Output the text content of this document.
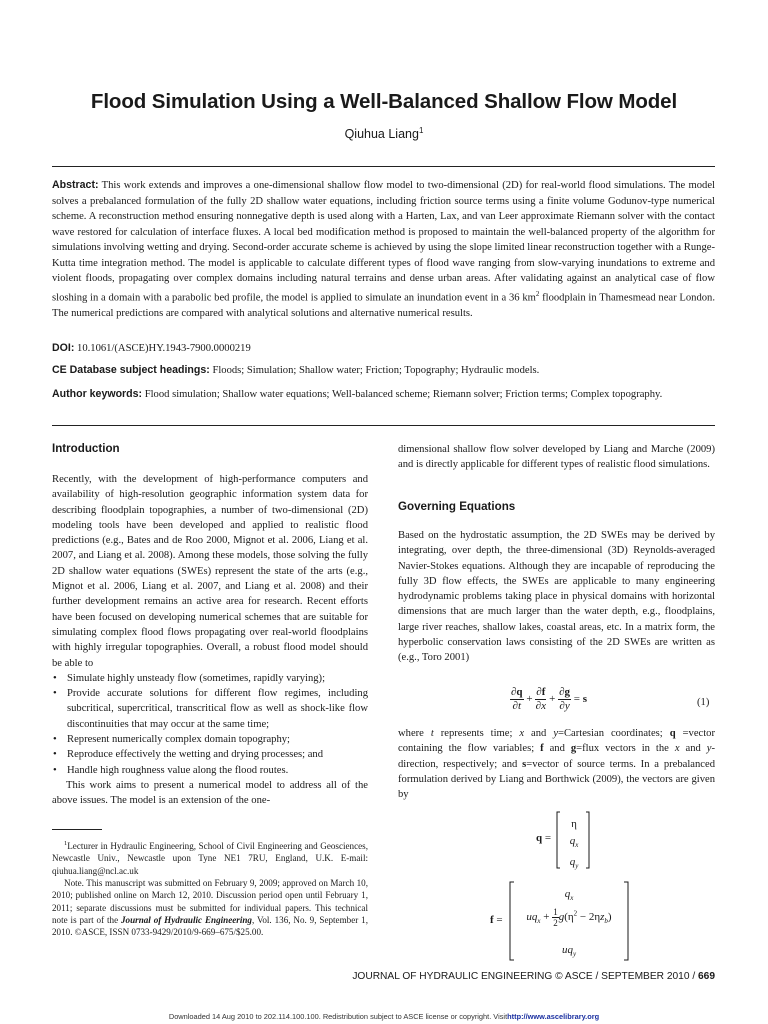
Flood Simulation Using a Well-Balanced Shallow Flow Model
Qiuhua Liang$^1$
Abstract: This work extends and improves a one-dimensional shallow flow model to two-dimensional (2D) for real-world flood simulations. The model solves a prebalanced formulation of the fully 2D shallow water equations, including friction source terms using a finite volume Godunov-type numerical scheme. A reconstruction method ensuring nonnegative depth is used along with a Harten, Lax, and van Leer approximate Riemann solver with the contact wave restored for calculation of interface fluxes. A local bed modification method is proposed to maintain the well-balanced property of the algorithm for simulations involving wetting and drying. Second-order accurate scheme is achieved by using the slope limited linear reconstruction together with a Runge-Kutta time integration method. The model is applicable to calculate different types of flood wave ranging from slow-varying inundations to extreme and violent floods, propagating over complex domains including natural terrains and dense urban areas. After validating against an analytical case of flow sloshing in a domain with a parabolic bed profile, the model is applied to simulate an inundation event in a 36 $km^2$ floodplain in Thamesmead near London. The numerical predictions are compared with analytical solutions and alternative numerical results.
DOI: 10.1061/(ASCE)HY.1943-7900.0000219
CE Database subject headings: Floods; Simulation; Shallow water; Friction; Topography; Hydraulic models.
Author keywords: Flood simulation; Shallow water equations; Well-balanced scheme; Riemann solver; Friction terms; Complex topography.
Introduction
Recently, with the development of high-performance computers and availability of high-resolution geographic information system data for describing floodplain topographies, a number of two-dimensional (2D) modeling tools have been developed and applied to realistic flood predictions (e.g., Bates and de Roo 2000, Mignot et al. 2006, Liang et al. 2007, and Liang et al. 2008). Among these models, those solving the fully 2D shallow water equations (SWEs) represent the state of the arts (e.g., Mignot et al. 2006, Liang et al. 2007, and Liang et al. 2008) and their further development remains an active area for research. Recent efforts have been focused on developing numerical schemes that are suitable for simulating complex flood flows propagating over real-world floodplains with highly irregular topographies. Overall, a robust flood model should be able to
• Simulate highly unsteady flow (sometimes, rapidly varying);
• Provide accurate solutions for different flow regimes, including subcritical, supercritical, transcritical flow as well as shock-like flow discontinuities that may occur at the same time;
• Represent numerically complex domain topography;
• Reproduce effectively the wetting and drying processes; and
• Handle high roughness value along the flood routes.
This work aims to present a numerical model to address all of the above issues. The model is an extension of the one-

$^1$Lecturer in Hydraulic Engineering, School of Civil Engineering and Geosciences, Newcastle Univ., Newcastle upon Tyne NE1 7RU, England, U.K. E-mail: qiuhua.liang@ncl.ac.uk

Note. This manuscript was submitted on February 9, 2009; approved on March 10, 2010; published online on March 12, 2010. Discussion period open until February 1, 2011; separate discussions must be submitted for individual papers. This technical note is part of the Journal of Hydraulic Engineering, Vol. 136, No. 9, September 1, 2010. ©ASCE, ISSN 0733-9429/2010/9-669–675/$25.00.

dimensional shallow flow solver developed by Liang and Marche (2009) and is directly applicable for different types of realistic flood simulations.
Governing Equations
Based on the hydrostatic assumption, the 2D SWEs may be derived by integrating, over depth, the three-dimensional (3D) Reynolds-averaged Navier-Stokes equations. Although they are incapable of reproducing the fully 3D flow effects, the SWEs are applicable to many engineering hydrodynamic problems taking place in physical domains with horizontal dimensions that are much larger than the water depth, e.g., floodplains, large river reaches, shallow lakes, coastal areas, etc. In a matrix form, the hyperbolic conservation laws consisting of the 2D SWEs are written as (e.g., Toro 2001)
$\frac{\partial q}{\partial t} + \frac{\partial f}{\partial x} + \frac{\partial g}{\partial y} = s$	(1)
where t represents time; x and y=Cartesian coordinates; q =vector containing the flow variables; f and g=flux vectors in the x and y-direction, respectively; and s=vector of source terms. In a prebalanced formulation derived by Liang and Borthwick (2009), the vectors are given by
q =
η
$q_x$
$q_y$
f =
$q_x$
$uq_x + \frac{1}{2} g(\eta^2 - 2\eta z_b)$
$uq_y$
JOURNAL OF HYDRAULIC ENGINEERING © ASCE / SEPTEMBER 2010 / 669
Downloaded 14 Aug 2010 to 202.114.100.100. Redistribution subject to ASCE license or copyright. Visithttp://www.ascelibrary.org
